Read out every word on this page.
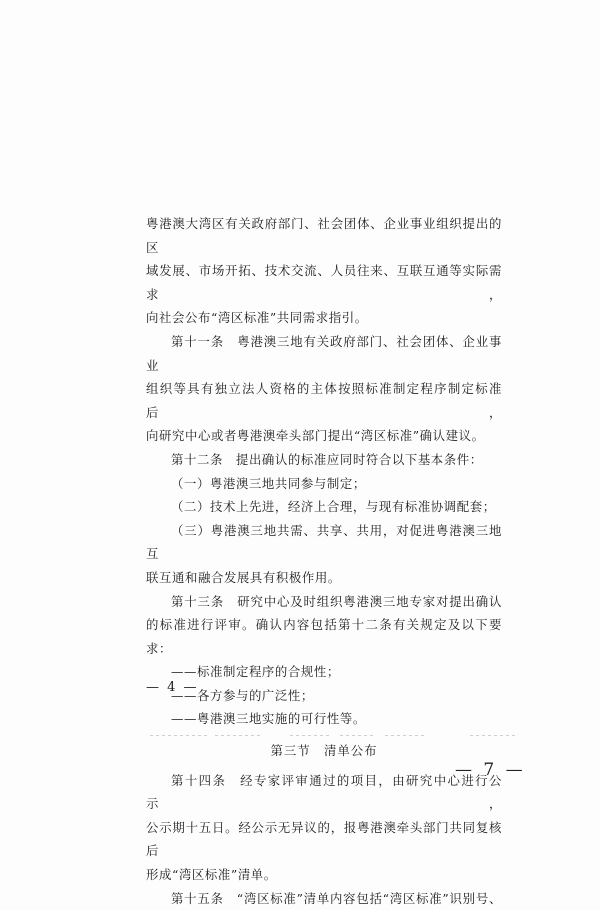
粤港澳大湾区有关政府部门、社会团体、企业事业组织提出的区

域发展、市场开拓、技术交流、人员往来、互联互通等实际需求，

向社会公布“湾区标准”共同需求指引。

第十一条　粤港澳三地有关政府部门、社会团体、企业事业

组织等具有独立法人资格的主体按照标准制定程序制定标准后，

向研究中心或者粤港澳牵头部门提出“湾区标准”确认建议。

第十二条　提出确认的标准应同时符合以下基本条件：

（一）粤港澳三地共同参与制定；

（二）技术上先进，经济上合理，与现有标准协调配套；

（三）粤港澳三地共需、共享、共用，对促进粤港澳三地互

联互通和融合发展具有积极作用。

第十三条　研究中心及时组织粤港澳三地专家对提出确认

的标准进行评审。确认内容包括第十二条有关规定及以下要求：

——标准制定程序的合规性；

——各方参与的广泛性；

——粤港澳三地实施的可行性等。

第三节　清单公布

第十四条　经专家评审通过的项目，由研究中心进行公示，

公示期十五日。经公示无异议的，报粤港澳牵头部门共同复核后

形成“湾区标准”清单。

第十五条　“湾区标准”清单内容包括“湾区标准”识别号、

— 4 —
— 7 —
